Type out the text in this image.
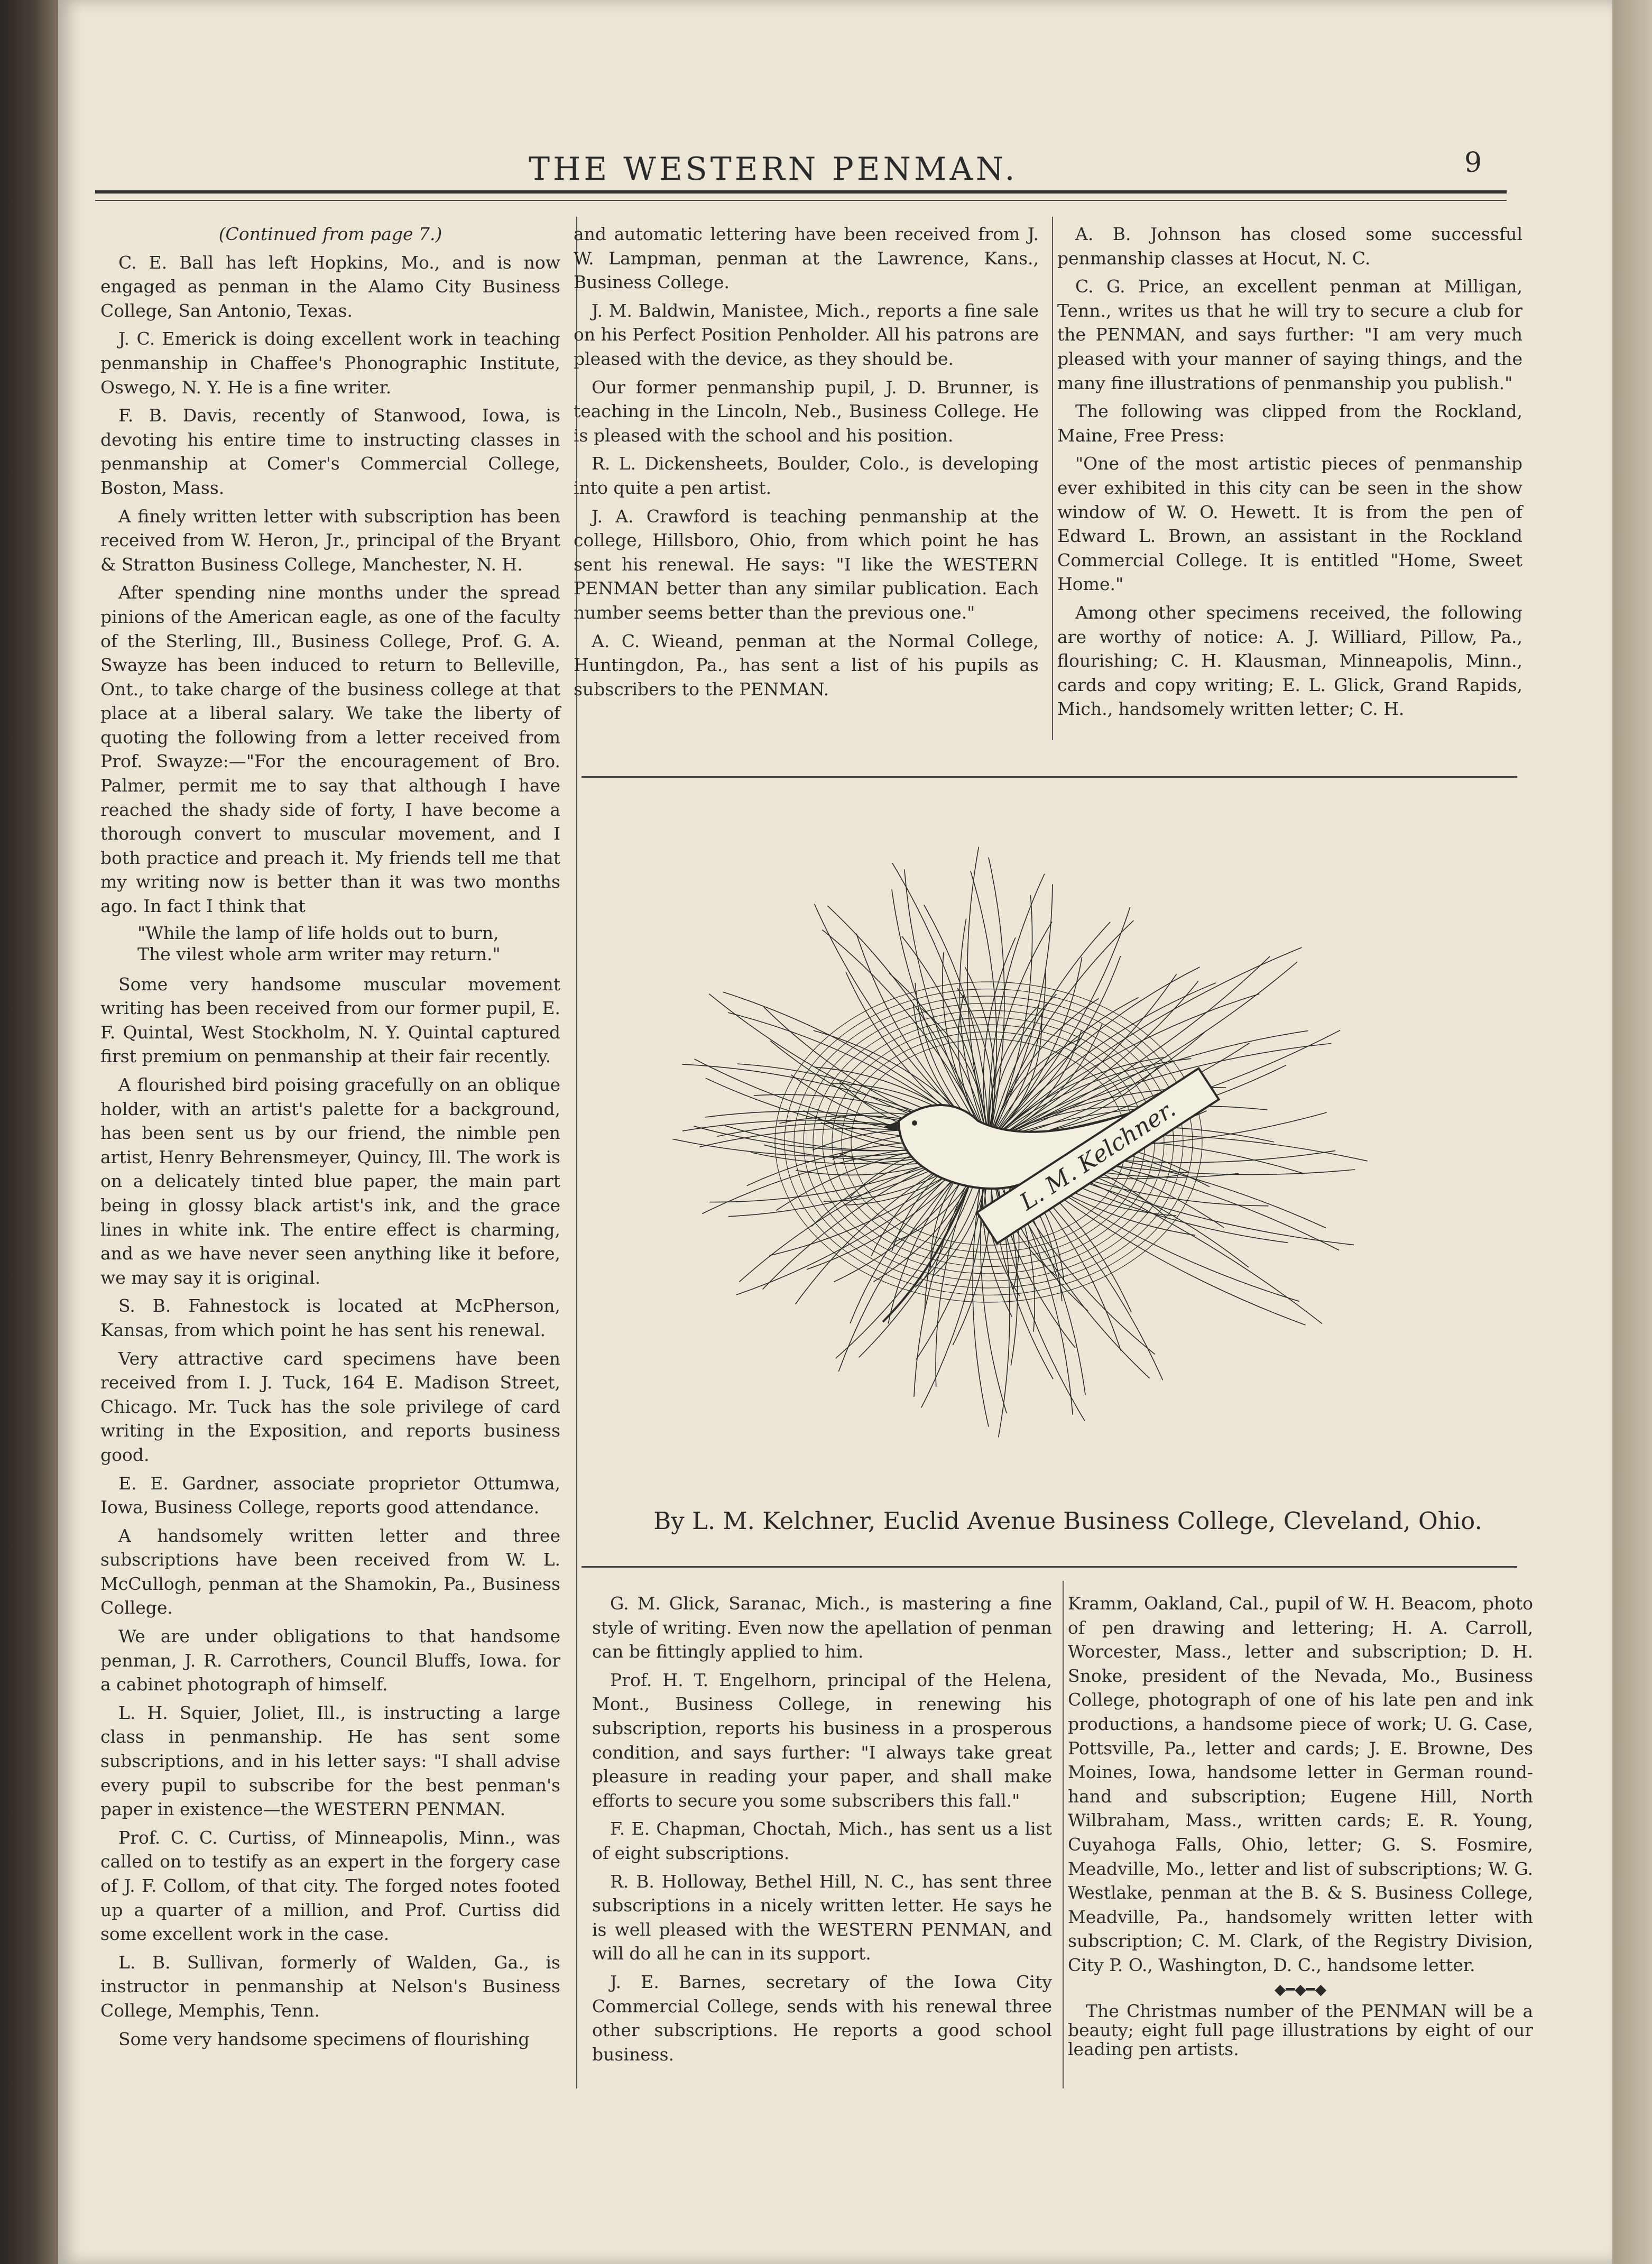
THE WESTERN PENMAN.	9

(Continued from page 7.)

C. E. Ball has left Hopkins, Mo., and is now engaged as penman in the Alamo City Business College, San Antonio, Texas.

J. C. Emerick is doing excellent work in teaching penmanship in Chaffee's Phonographic Institute, Oswego, N. Y. He is a fine writer.

F. B. Davis, recently of Stanwood, Iowa, is devoting his entire time to instructing classes in penmanship at Comer's Commercial College, Boston, Mass.

A finely written letter with subscription has been received from W. Heron, Jr., principal of the Bryant & Stratton Business College, Manchester, N. H.

After spending nine months under the spread pinions of the American eagle, as one of the faculty of the Sterling, Ill., Business College, Prof. G. A. Swayze has been induced to return to Belleville, Ont., to take charge of the business college at that place at a liberal salary. We take the liberty of quoting the following from a letter received from Prof. Swayze:—"For the encouragement of Bro. Palmer, permit me to say that although I have reached the shady side of forty, I have become a thorough convert to muscular movement, and I both practice and preach it. My friends tell me that my writing now is better than it was two months ago. In fact I think that

"While the lamp of life holds out to burn,
The vilest whole arm writer may return."

Some very handsome muscular movement writing has been received from our former pupil, E. F. Quintal, West Stockholm, N. Y. Quintal captured first premium on penmanship at their fair recently.

A flourished bird poising gracefully on an oblique holder, with an artist's palette for a background, has been sent us by our friend, the nimble pen artist, Henry Behrensmeyer, Quincy, Ill. The work is on a delicately tinted blue paper, the main part being in glossy black artist's ink, and the grace lines in white ink. The entire effect is charming, and as we have never seen anything like it before, we may say it is original.

S. B. Fahnestock is located at McPherson, Kansas, from which point he has sent his renewal.

Very attractive card specimens have been received from I. J. Tuck, 164 E. Madison Street, Chicago. Mr. Tuck has the sole privilege of card writing in the Exposition, and reports business good.

E. E. Gardner, associate proprietor Ottumwa, Iowa, Business College, reports good attendance.

A handsomely written letter and three subscriptions have been received from W. L. McCullogh, penman at the Shamokin, Pa., Business College.

We are under obligations to that handsome penman, J. R. Carrothers, Council Bluffs, Iowa. for a cabinet photograph of himself.

L. H. Squier, Joliet, Ill., is instructing a large class in penmanship. He has sent some subscriptions, and in his letter says: "I shall advise every pupil to subscribe for the best penman's paper in existence—the WESTERN PENMAN.

Prof. C. C. Curtiss, of Minneapolis, Minn., was called on to testify as an expert in the forgery case of J. F. Collom, of that city. The forged notes footed up a quarter of a million, and Prof. Curtiss did some excellent work in the case.

L. B. Sullivan, formerly of Walden, Ga., is instructor in penmanship at Nelson's Business College, Memphis, Tenn.

Some very handsome specimens of flourishing

and automatic lettering have been received from J. W. Lampman, penman at the Lawrence, Kans., Business College.

J. M. Baldwin, Manistee, Mich., reports a fine sale on his Perfect Position Penholder. All his patrons are pleased with the device, as they should be.

Our former penmanship pupil, J. D. Brunner, is teaching in the Lincoln, Neb., Business College. He is pleased with the school and his position.

R. L. Dickensheets, Boulder, Colo., is developing into quite a pen artist.

J. A. Crawford is teaching penmanship at the college, Hillsboro, Ohio, from which point he has sent his renewal. He says: "I like the WESTERN PENMAN better than any similar publication. Each number seems better than the previous one."

A. C. Wieand, penman at the Normal College, Huntingdon, Pa., has sent a list of his pupils as subscribers to the PENMAN.

A. B. Johnson has closed some successful penmanship classes at Hocut, N. C.

C. G. Price, an excellent penman at Milligan, Tenn., writes us that he will try to secure a club for the PENMAN, and says further: "I am very much pleased with your manner of saying things, and the many fine illustrations of penmanship you publish."

The following was clipped from the Rockland, Maine, Free Press:

"One of the most artistic pieces of penmanship ever exhibited in this city can be seen in the show window of W. O. Hewett. It is from the pen of Edward L. Brown, an assistant in the Rockland Commercial College. It is entitled "Home, Sweet Home."

Among other specimens received, the following are worthy of notice: A. J. Williard, Pillow, Pa., flourishing; C. H. Klausman, Minneapolis, Minn., cards and copy writing; E. L. Glick, Grand Rapids, Mich., handsomely written letter; C. H.

L. M. Kelchner.
By L. M. Kelchner, Euclid Avenue Business College, Cleveland, Ohio.

G. M. Glick, Saranac, Mich., is mastering a fine style of writing. Even now the apellation of penman can be fittingly applied to him.

Prof. H. T. Engelhorn, principal of the Helena, Mont., Business College, in renewing his subscription, reports his business in a prosperous condition, and says further: "I always take great pleasure in reading your paper, and shall make efforts to secure you some subscribers this fall."

F. E. Chapman, Choctah, Mich., has sent us a list of eight subscriptions.

R. B. Holloway, Bethel Hill, N. C., has sent three subscriptions in a nicely written letter. He says he is well pleased with the WESTERN PENMAN, and will do all he can in its support.

J. E. Barnes, secretary of the Iowa City Commercial College, sends with his renewal three other subscriptions. He reports a good school business.

Kramm, Oakland, Cal., pupil of W. H. Beacom, photo of pen drawing and lettering; H. A. Carroll, Worcester, Mass., letter and subscription; D. H. Snoke, president of the Nevada, Mo., Business College, photograph of one of his late pen and ink productions, a handsome piece of work; U. G. Case, Pottsville, Pa., letter and cards; J. E. Browne, Des Moines, Iowa, handsome letter in German round-hand and subscription; Eugene Hill, North Wilbraham, Mass., written cards; E. R. Young, Cuyahoga Falls, Ohio, letter; G. S. Fosmire, Meadville, Mo., letter and list of subscriptions; W. G. Westlake, penman at the B. & S. Business College, Meadville, Pa., handsomely written letter with subscription; C. M. Clark, of the Registry Division, City P. O., Washington, D. C., handsome letter.

◆━◆━◆

The Christmas number of the PENMAN will be a beauty; eight full page illustrations by eight of our leading pen artists.
